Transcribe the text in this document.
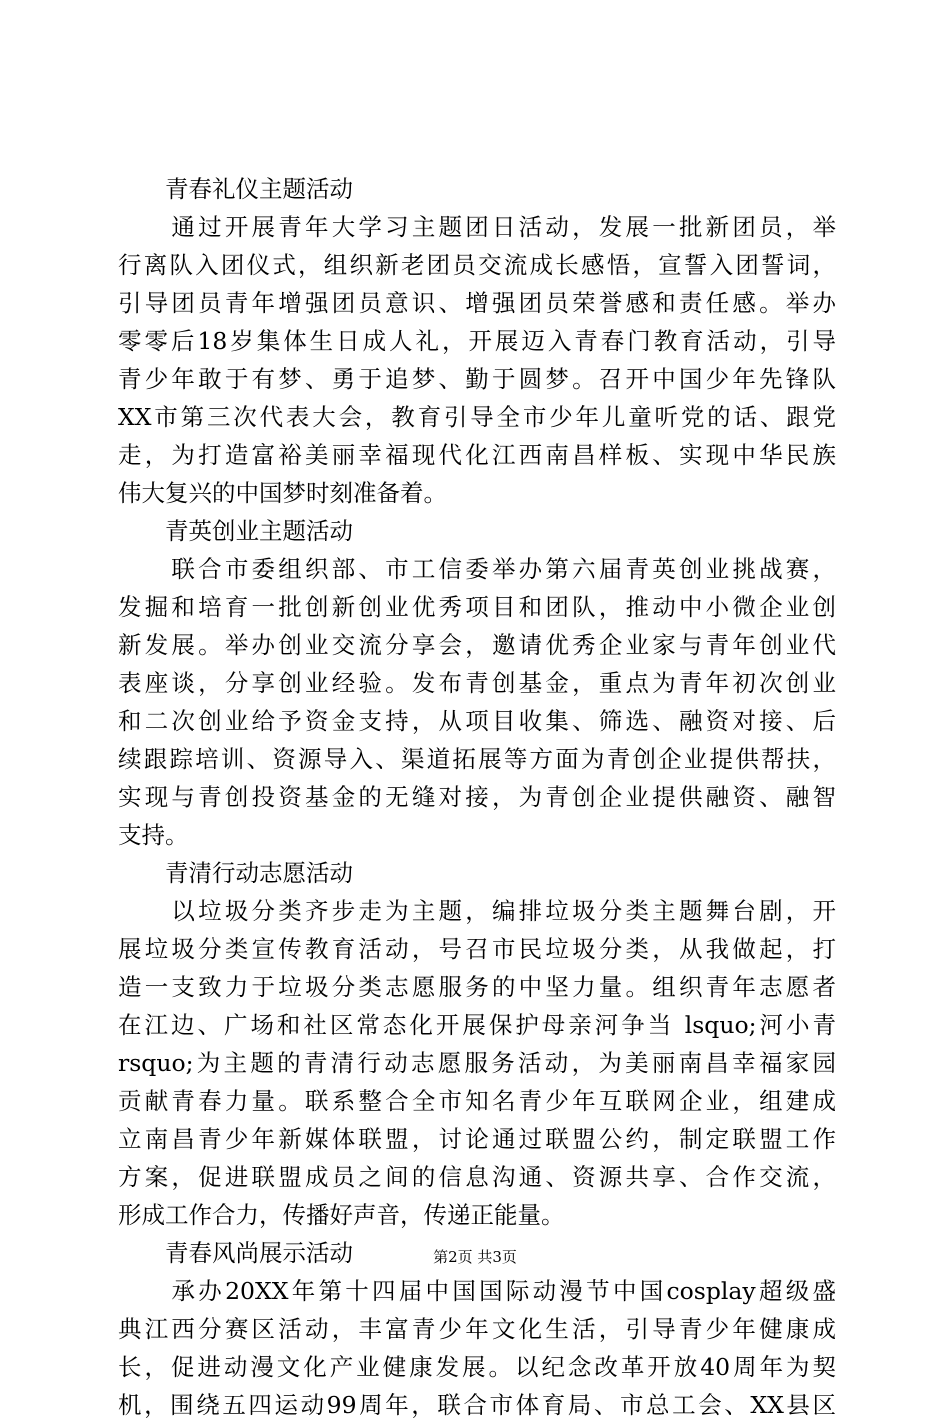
　　青春礼仪主题活动
　　通过开展青年大学习主题团日活动，发展一批新团员，举
行离队入团仪式，组织新老团员交流成长感悟，宣誓入团誓词，
引导团员青年增强团员意识、增强团员荣誉感和责任感。举办
零零后18岁集体生日成人礼，开展迈入青春门教育活动，引导
青少年敢于有梦、勇于追梦、勤于圆梦。召开中国少年先锋队
XX市第三次代表大会，教育引导全市少年儿童听党的话、跟党
走，为打造富裕美丽幸福现代化江西南昌样板、实现中华民族
伟大复兴的中国梦时刻准备着。
　　青英创业主题活动
　　联合市委组织部、市工信委举办第六届青英创业挑战赛，
发掘和培育一批创新创业优秀项目和团队，推动中小微企业创
新发展。举办创业交流分享会，邀请优秀企业家与青年创业代
表座谈，分享创业经验。发布青创基金，重点为青年初次创业
和二次创业给予资金支持，从项目收集、筛选、融资对接、后
续跟踪培训、资源导入、渠道拓展等方面为青创企业提供帮扶，
实现与青创投资基金的无缝对接，为青创企业提供融资、融智
支持。
　　青清行动志愿活动
　　以垃圾分类齐步走为主题，编排垃圾分类主题舞台剧，开
展垃圾分类宣传教育活动，号召市民垃圾分类，从我做起，打
造一支致力于垃圾分类志愿服务的中坚力量。组织青年志愿者
在江边、广场和社区常态化开展保护母亲河争当 lsquo;河小青
rsquo;为主题的青清行动志愿服务活动，为美丽南昌幸福家园
贡献青春力量。联系整合全市知名青少年互联网企业，组建成
立南昌青少年新媒体联盟，讨论通过联盟公约，制定联盟工作
方案，促进联盟成员之间的信息沟通、资源共享、合作交流，
形成工作合力，传播好声音，传递正能量。
　　青春风尚展示活动
　　承办20XX年第十四届中国国际动漫节中国cosplay超级盛
典江西分赛区活动，丰富青少年文化生活，引导青少年健康成
长，促进动漫文化产业健康发展。以纪念改革开放40周年为契
机，围绕五四运动99周年，联合市体育局、市总工会、XX县区
第2页 共3页
